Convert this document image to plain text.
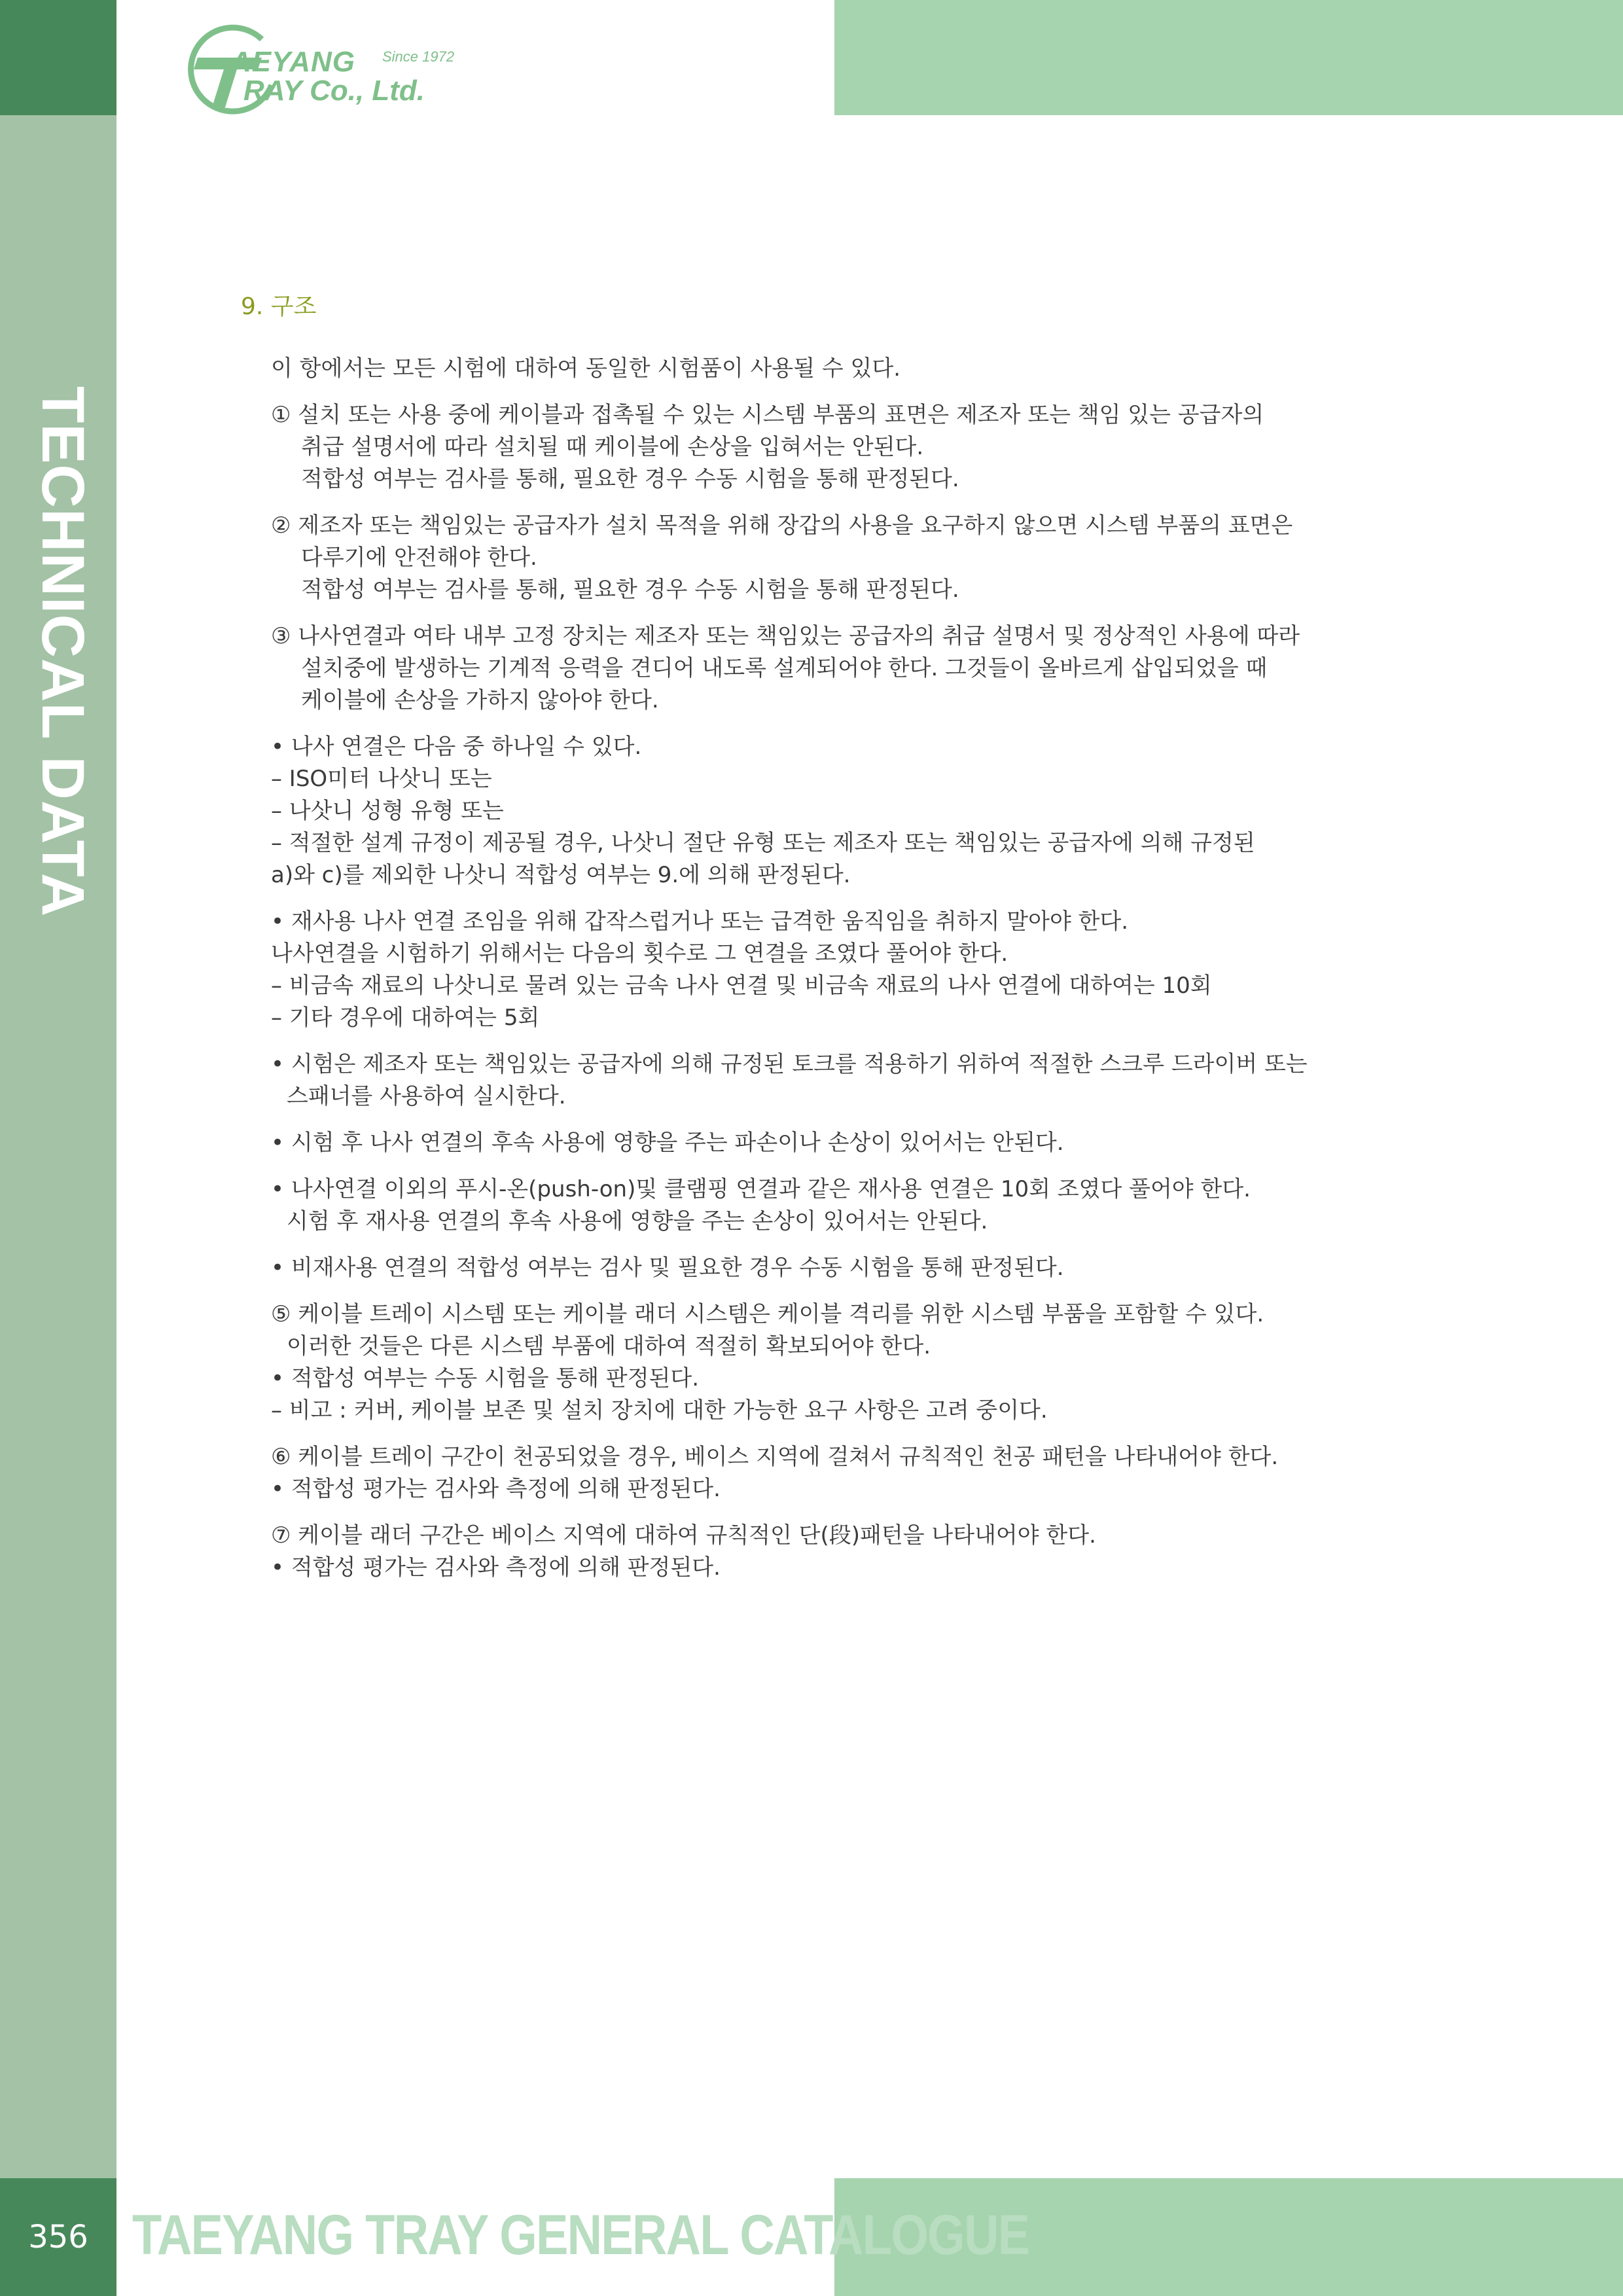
TECHNICAL DATA
AEYANG
RAY Co., Ltd.
Since 1972
9. 구조
이 항에서는 모든 시험에 대하여 동일한 시험품이 사용될 수 있다.
① 설치 또는 사용 중에 케이블과 접촉될 수 있는 시스템 부품의 표면은 제조자 또는 책임 있는 공급자의
취급 설명서에 따라 설치될 때 케이블에 손상을 입혀서는 안된다.
적합성 여부는 검사를 통해, 필요한 경우 수동 시험을 통해 판정된다.
② 제조자 또는 책임있는 공급자가 설치 목적을 위해 장갑의 사용을 요구하지 않으면 시스템 부품의 표면은
다루기에 안전해야 한다.
적합성 여부는 검사를 통해, 필요한 경우 수동 시험을 통해 판정된다.
③ 나사연결과 여타 내부 고정 장치는 제조자 또는 책임있는 공급자의 취급 설명서 및 정상적인 사용에 따라
설치중에 발생하는 기계적 응력을 견디어 내도록 설계되어야 한다. 그것들이 올바르게 삽입되었을 때
케이블에 손상을 가하지 않아야 한다.
• 나사 연결은 다음 중 하나일 수 있다.
– ISO미터 나삿니 또는
– 나삿니 성형 유형 또는
– 적절한 설계 규정이 제공될 경우, 나삿니 절단 유형 또는 제조자 또는 책임있는 공급자에 의해 규정된
a)와 c)를 제외한 나삿니 적합성 여부는 9.에 의해 판정된다.
• 재사용 나사 연결 조임을 위해 갑작스럽거나 또는 급격한 움직임을 취하지 말아야 한다.
나사연결을 시험하기 위해서는 다음의 횟수로 그 연결을 조였다 풀어야 한다.
– 비금속 재료의 나삿니로 물려 있는 금속 나사 연결 및 비금속 재료의 나사 연결에 대하여는 10회
– 기타 경우에 대하여는 5회
• 시험은 제조자 또는 책임있는 공급자에 의해 규정된 토크를 적용하기 위하여 적절한 스크루 드라이버 또는
스패너를 사용하여 실시한다.
• 시험 후 나사 연결의 후속 사용에 영향을 주는 파손이나 손상이 있어서는 안된다.
• 나사연결 이외의 푸시-온(push-on)및 클램핑 연결과 같은 재사용 연결은 10회 조였다 풀어야 한다.
시험 후 재사용 연결의 후속 사용에 영향을 주는 손상이 있어서는 안된다.
• 비재사용 연결의 적합성 여부는 검사 및 필요한 경우 수동 시험을 통해 판정된다.
⑤ 케이블 트레이 시스템 또는 케이블 래더 시스템은 케이블 격리를 위한 시스템 부품을 포함할 수 있다.
이러한 것들은 다른 시스템 부품에 대하여 적절히 확보되어야 한다.
• 적합성 여부는 수동 시험을 통해 판정된다.
– 비고 : 커버, 케이블 보존 및 설치 장치에 대한 가능한 요구 사항은 고려 중이다.
⑥ 케이블 트레이 구간이 천공되었을 경우, 베이스 지역에 걸쳐서 규칙적인 천공 패턴을 나타내어야 한다.
• 적합성 평가는 검사와 측정에 의해 판정된다.
⑦ 케이블 래더 구간은 베이스 지역에 대하여 규칙적인 단(段)패턴을 나타내어야 한다.
• 적합성 평가는 검사와 측정에 의해 판정된다.
356 TAEYANG TRAY GENERAL CATALOGUE
